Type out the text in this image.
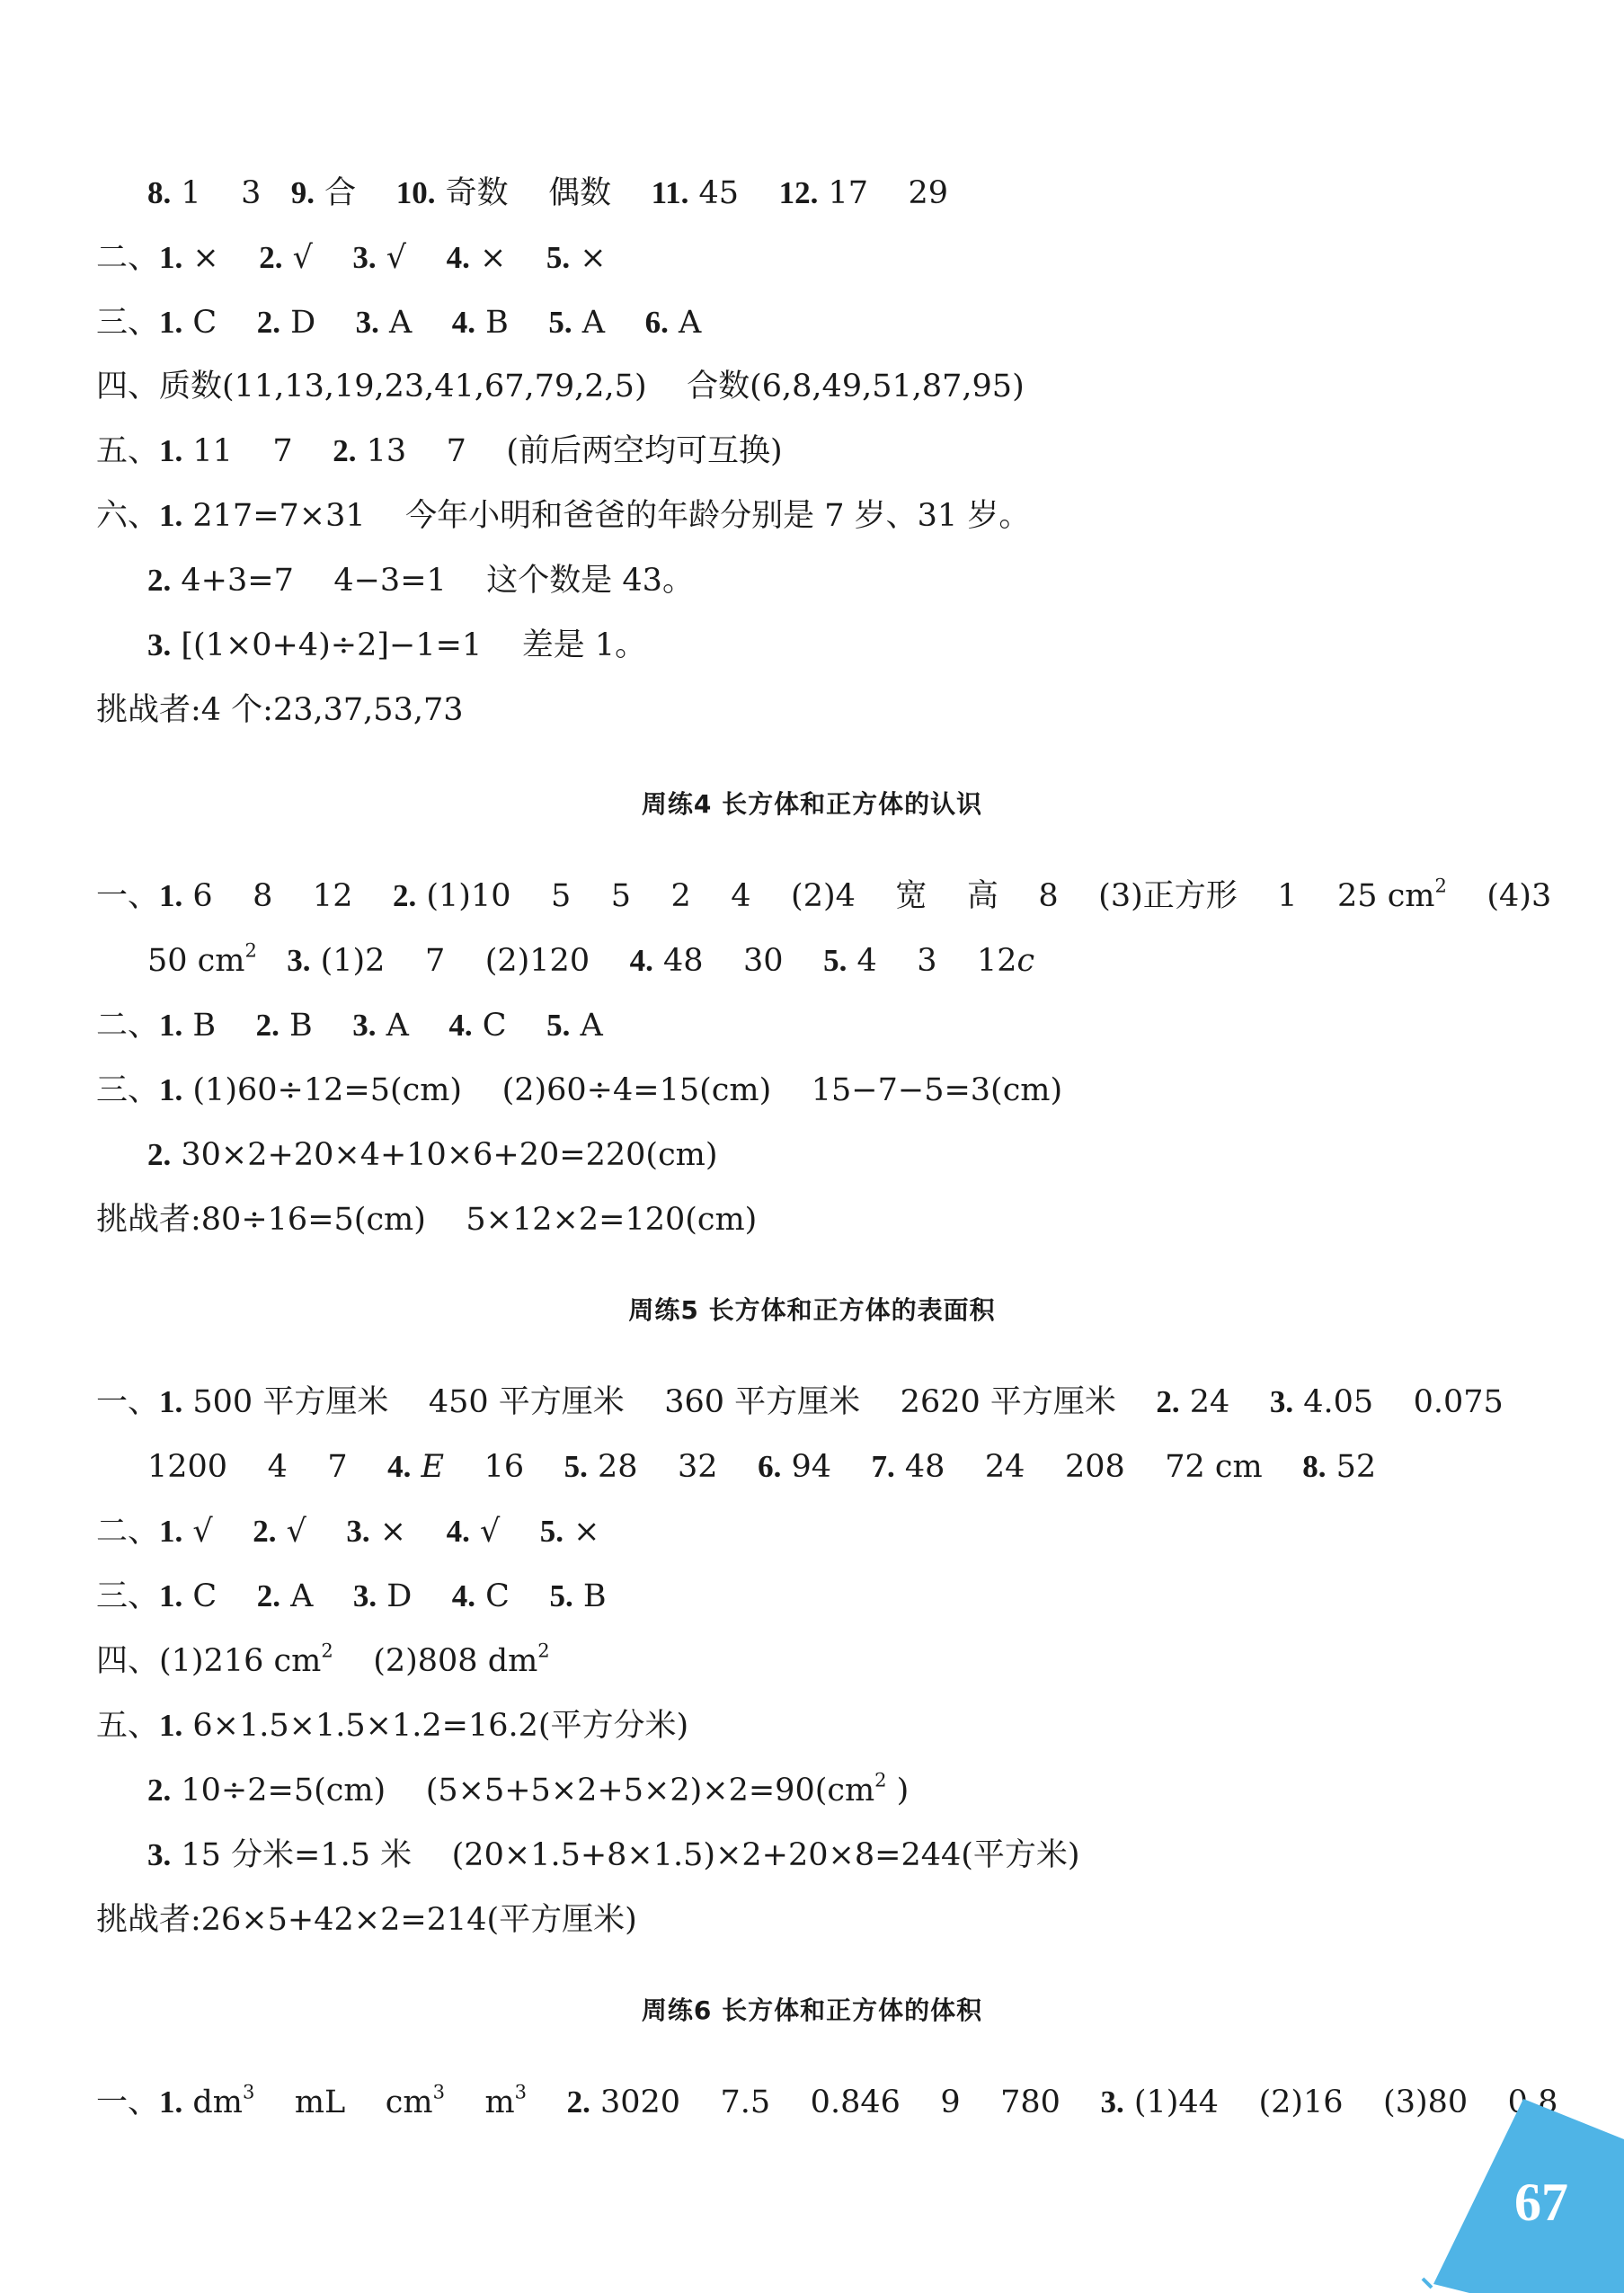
周练4 长方体和正方体的认识
周练5 长方体和正方体的表面积
周练6 长方体和正方体的体积
8. 1    3   9. 合    10. 奇数    偶数    11. 45    12. 17    29
二、1. ×    2. √    3. √    4. ×    5. ×
三、1. C    2. D    3. A    4. B    5. A    6. A
四、质数(11,13,19,23,41,67,79,2,5)    合数(6,8,49,51,87,95)
五、1. 11    7    2. 13    7    (前后两空均可互换)
六、1. 217=7×31    今年小明和爸爸的年龄分别是 7 岁、31 岁。
2. 4+3=7    4−3=1    这个数是 43。
3. [(1×0+4)÷2]−1=1    差是 1。
挑战者:4 个:23,37,53,73
一、1. 6    8    12    2. (1)10    5    5    2    4    (2)4    宽    高    8    (3)正方形    1    25 $cm^2$    (4)3
50 $cm^2$ 3. (1)2    7    (2)120    4. 48    30    5. 4    3    12c
二、1. B    2. B    3. A    4. C    5. A
三、1. (1)60÷12=5(cm)    (2)60÷4=15(cm)    15−7−5=3(cm)
2. 30×2+20×4+10×6+20=220(cm)
挑战者:80÷16=5(cm)    5×12×2=120(cm)
一、1. 500 平方厘米    450 平方厘米    360 平方厘米    2620 平方厘米    2. 24    3. 4.05    0.075
1200    4    7    4. E    16    5. 28    32    6. 94    7. 48    24    208    72 cm    8. 52
二、1. √    2. √    3. ×    4. √    5. ×
三、1. C    2. A    3. D    4. C    5. B
四、(1)216 $cm^2$    (2)808 $dm^2$
五、1. 6×1.5×1.5×1.2=16.2(平方分米)
2. 10÷2=5(cm)    $(5\times 5+5\times 2+5\times 2)\times 2=90(cm^2$ )
3. 15 分米=1.5 米    (20×1.5+8×1.5)×2+20×8=244(平方米)
挑战者:26×5+42×2=214(平方厘米)
一、1. $dm^3$    mL    $cm^3$    $m^3$ 2. 3020    7.5    0.846    9    780    3. (1)44    (2)16    (3)80    0.8
67
